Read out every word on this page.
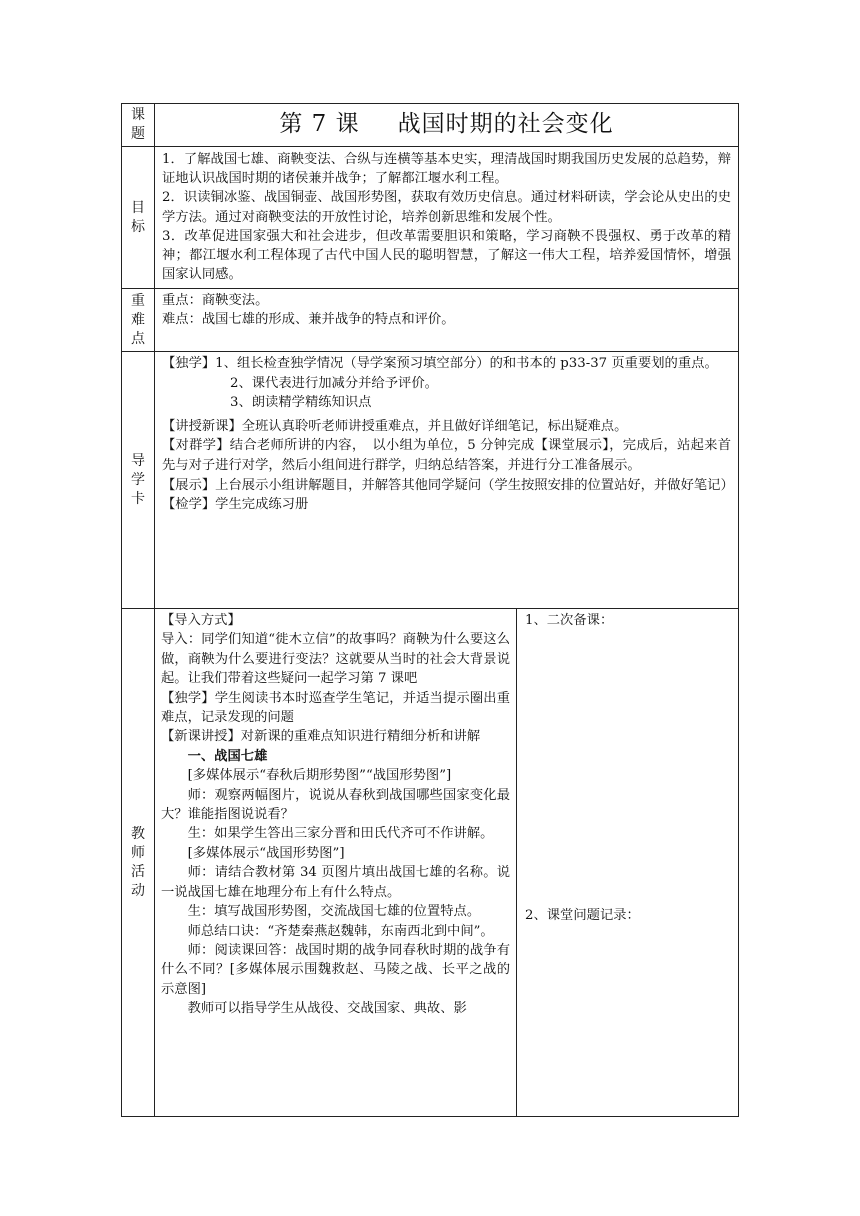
课题	第 7 课 战国时期的社会变化
目标

1．了解战国七雄、商鞅变法、合纵与连横等基本史实，理清战国时期我国历史发展的总趋势，辩证地认识战国时期的诸侯兼并战争；了解都江堰水利工程。

2．识读铜冰鉴、战国铜壶、战国形势图，获取有效历史信息。通过材料研读，学会论从史出的史学方法。通过对商鞅变法的开放性讨论，培养创新思维和发展个性。

3．改革促进国家强大和社会进步，但改革需要胆识和策略，学习商鞅不畏强权、勇于改革的精神；都江堰水利工程体现了古代中国人民的聪明智慧，了解这一伟大工程，培养爱国情怀，增强国家认同感。

重难点

重点：商鞅变法。

难点：战国七雄的形成、兼并战争的特点和评价。

导学卡

【独学】1、组长检查独学情况（导学案预习填空部分）的和书本的 p33-37 页重要划的重点。

2、课代表进行加减分并给予评价。

3、朗读精学精练知识点

【讲授新课】全班认真聆听老师讲授重难点，并且做好详细笔记，标出疑难点。

【对群学】结合老师所讲的内容，　以小组为单位，5 分钟完成【课堂展示】，完成后，站起来首先与对子进行对学，然后小组间进行群学，归纳总结答案，并进行分工准备展示。

【展示】上台展示小组讲解题目，并解答其他同学疑问（学生按照安排的位置站好，并做好笔记）

【检学】学生完成练习册

教师活动

【导入方式】

导入：同学们知道“徙木立信”的故事吗？商鞅为什么要这么做，商鞅为什么要进行变法？这就要从当时的社会大背景说起。让我们带着这些疑问一起学习第 7 课吧

【独学】学生阅读书本时巡查学生笔记，并适当提示圈出重难点，记录发现的问题

【新课讲授】对新课的重难点知识进行精细分析和讲解

一、战国七雄

[多媒体展示“春秋后期形势图”“战国形势图”]

师：观察两幅图片，说说从春秋到战国哪些国家变化最大？谁能指图说说看？

生：如果学生答出三家分晋和田氏代齐可不作讲解。

[多媒体展示“战国形势图”]

师：请结合教材第 34 页图片填出战国七雄的名称。说一说战国七雄在地理分布上有什么特点。

生：填写战国形势图，交流战国七雄的位置特点。

师总结口诀：“齐楚秦燕赵魏韩，东南西北到中间”。

师：阅读课回答：战国时期的战争同春秋时期的战争有什么不同？[多媒体展示围魏救赵、马陵之战、长平之战的示意图]

教师可以指导学生从战役、交战国家、典故、影

1、二次备课：

2、课堂问题记录：
